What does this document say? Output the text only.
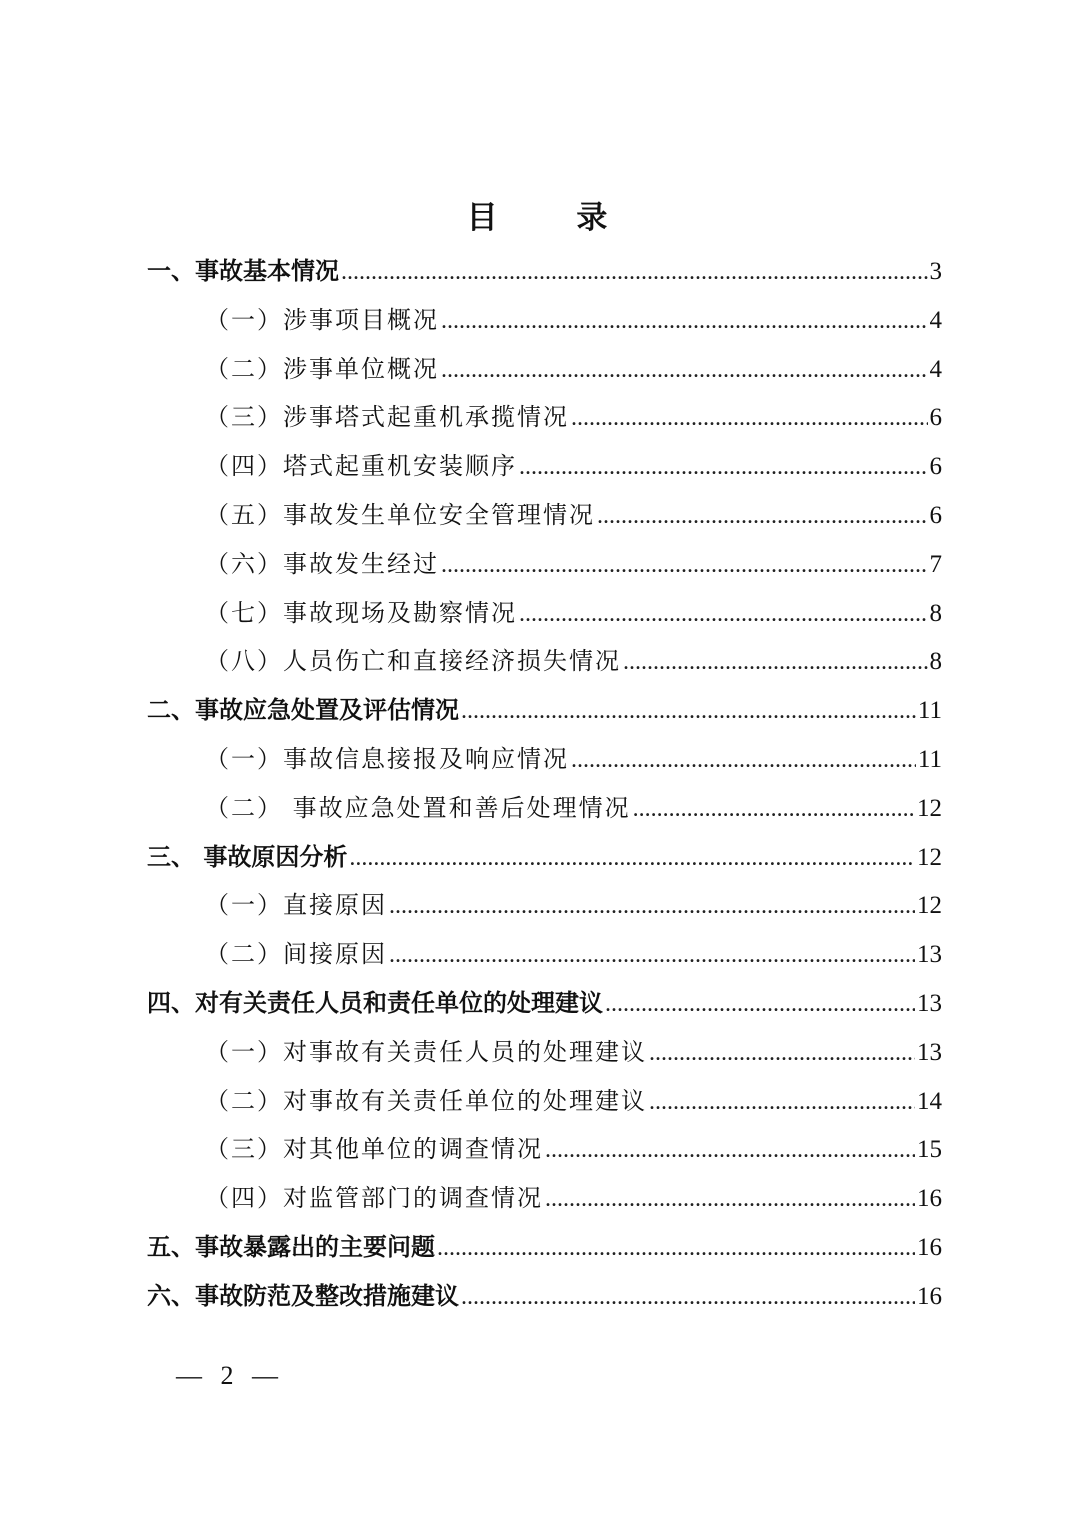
目 录
一、事故基本情况 .....	3
（一）涉事项目概况 .....	4
（二）涉事单位概况 .....	4
（三）涉事塔式起重机承揽情况 .....	6
（四）塔式起重机安装顺序 .....	6
（五）事故发生单位安全管理情况 .....	6
（六）事故发生经过 .....	7
（七）事故现场及勘察情况 .....	8
（八）人员伤亡和直接经济损失情况 .....	8
二、事故应急处置及评估情况 .....	11
（一）事故信息接报及响应情况 .....	11
（二） 事故应急处置和善后处理情况 .....	12
三、 事故原因分析 .....	12
（一）直接原因 .....	12
（二）间接原因 .....	13
四、对有关责任人员和责任单位的处理建议 .....	13
（一）对事故有关责任人员的处理建议 .....	13
（二）对事故有关责任单位的处理建议 .....	14
（三）对其他单位的调查情况 .....	15
（四）对监管部门的调查情况 .....	16
五、事故暴露出的主要问题 .....	16
六、事故防范及整改措施建议 .....	16
— 2 —
